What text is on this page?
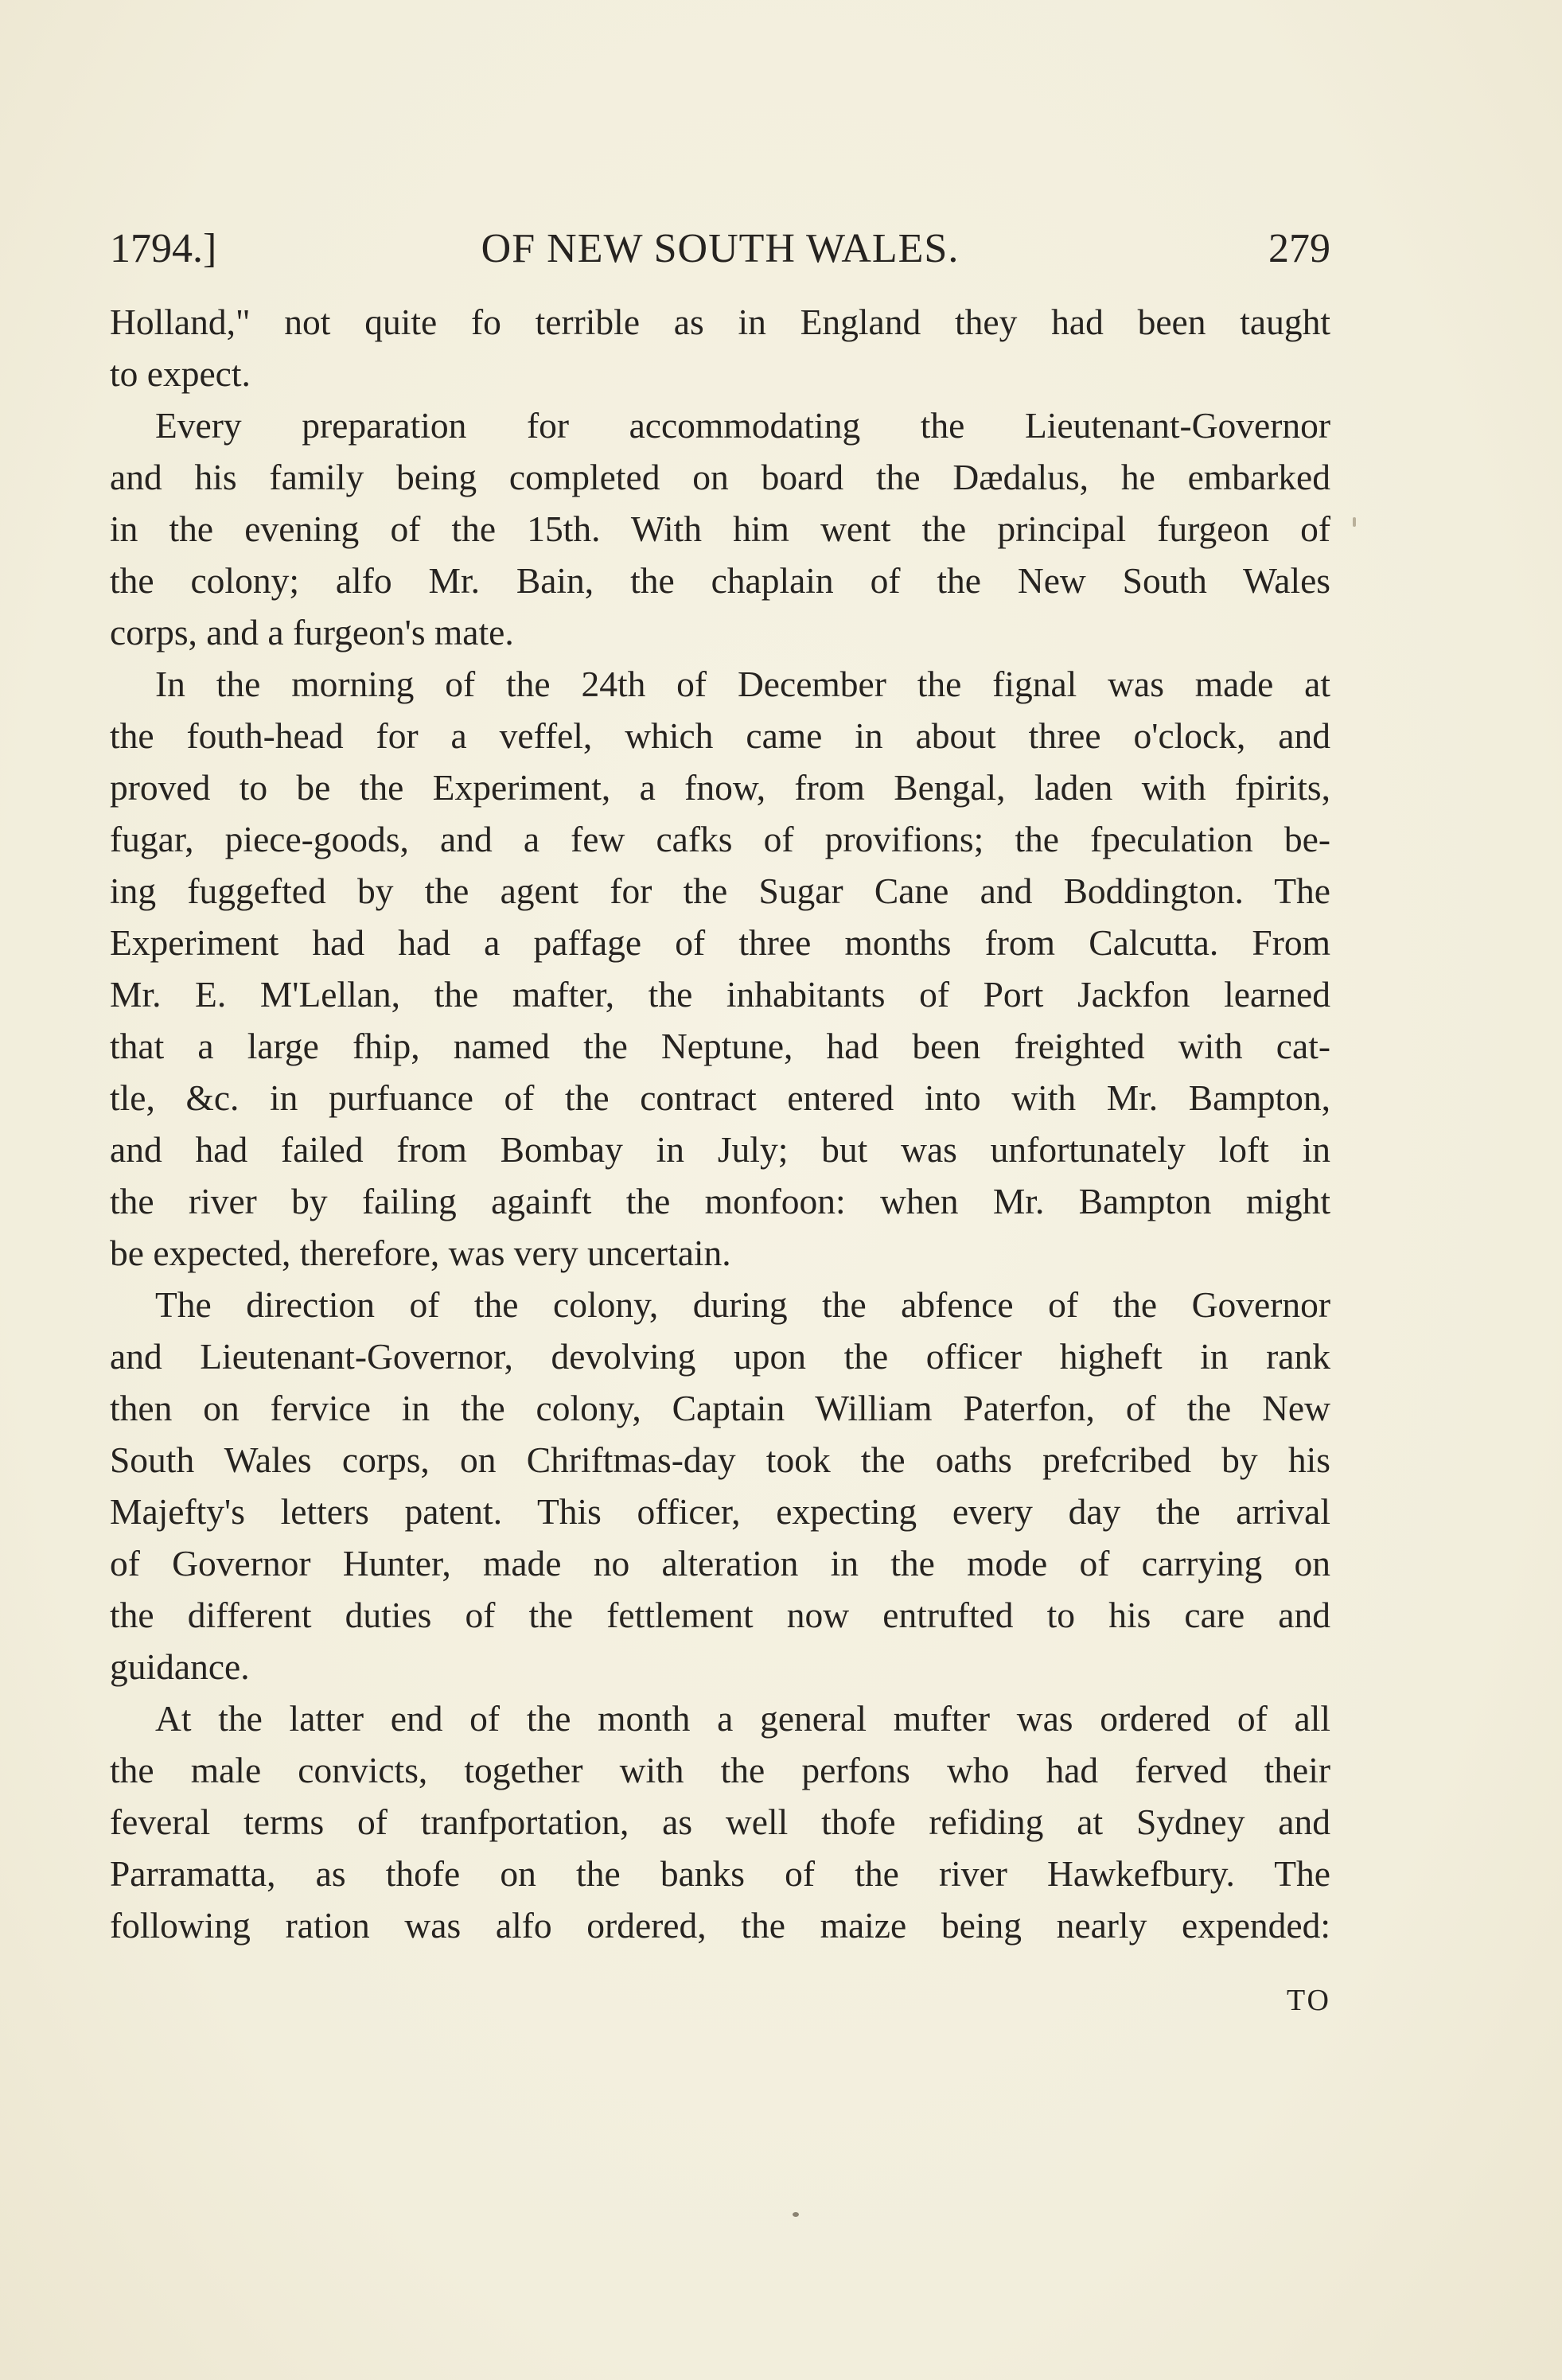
1794.]	OF NEW SOUTH WALES.	279
Holland," not quite fo terrible as in England they had been taught
to expect.
Every preparation for accommodating the Lieutenant-Governor
and his family being completed on board the Dædalus, he embarked
in the evening of the 15th. With him went the principal furgeon of
the colony; alfo Mr. Bain, the chaplain of the New South Wales
corps, and a furgeon's mate.
In the morning of the 24th of December the fignal was made at
the fouth-head for a veffel, which came in about three o'clock, and
proved to be the Experiment, a fnow, from Bengal, laden with fpirits,
fugar, piece-goods, and a few cafks of provifions; the fpeculation be-
ing fuggefted by the agent for the Sugar Cane and Boddington. The
Experiment had had a paffage of three months from Calcutta. From
Mr. E. M'Lellan, the mafter, the inhabitants of Port Jackfon learned
that a large fhip, named the Neptune, had been freighted with cat-
tle, &c. in purfuance of the contract entered into with Mr. Bampton,
and had failed from Bombay in July; but was unfortunately loft in
the river by failing againft the monfoon: when Mr. Bampton might
be expected, therefore, was very uncertain.
The direction of the colony, during the abfence of the Governor
and Lieutenant-Governor, devolving upon the officer higheft in rank
then on fervice in the colony, Captain William Paterfon, of the New
South Wales corps, on Chriftmas-day took the oaths prefcribed by his
Majefty's letters patent. This officer, expecting every day the arrival
of Governor Hunter, made no alteration in the mode of carrying on
the different duties of the fettlement now entrufted to his care and
guidance.
At the latter end of the month a general mufter was ordered of all
the male convicts, together with the perfons who had ferved their
feveral terms of tranfportation, as well thofe refiding at Sydney and
Parramatta, as thofe on the banks of the river Hawkefbury. The
following ration was alfo ordered, the maize being nearly expended:
TO
